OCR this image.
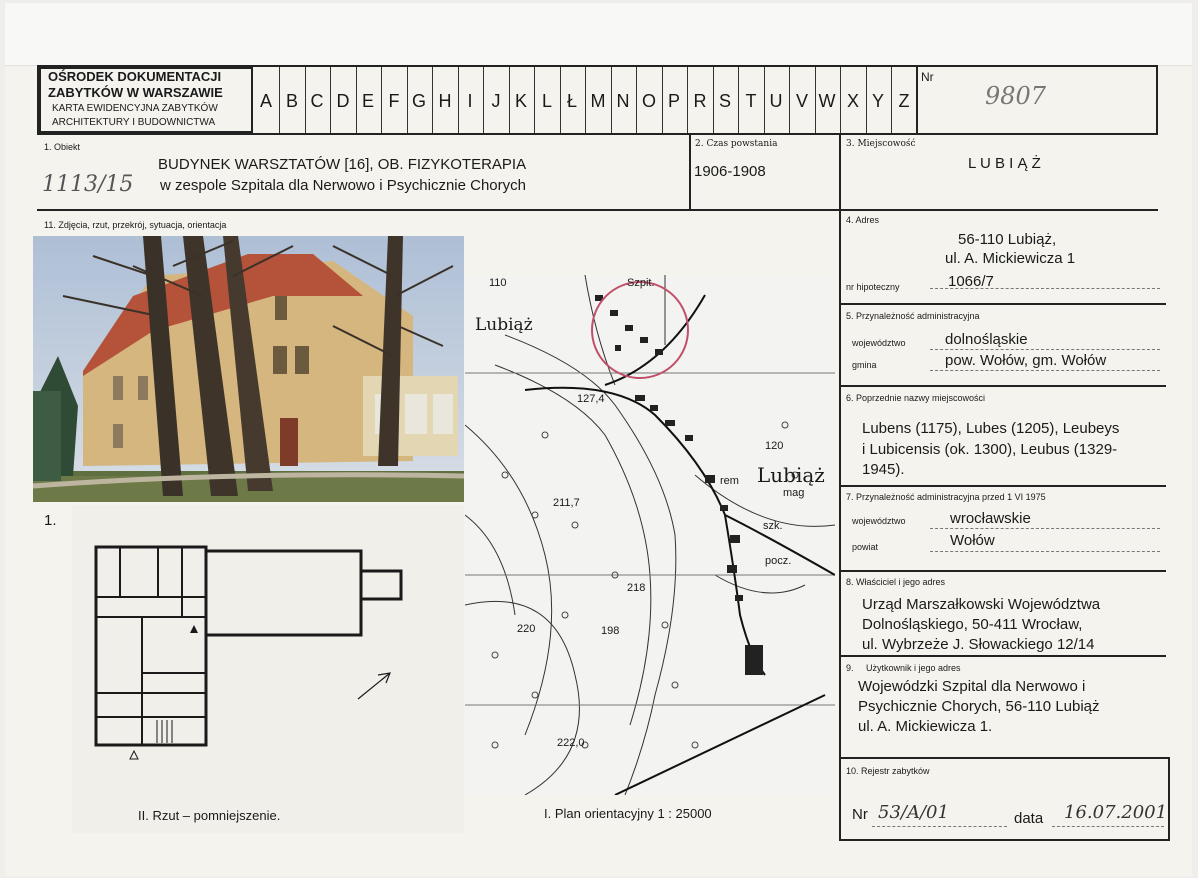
OŚRODEK DOKUMENTACJI
ZABYTKÓW W WARSZAWIE
KARTA EWIDENCYJNA ZABYTKÓW
ARCHITEKTURY I BUDOWNICTWA
A B C D E F G H I	J K L Ł M N O P R S T U V W X Y Z
Nr
9807
1. Obiekt
BUDYNEK WARSZTATÓW [16], OB. FIZYKOTERAPIA
w zespole Szpitala dla Nerwowo i Psychicznie Chorych
1113/15
2. Czas powstania
1906-1908
3. Miejscowość
L U B I Ą Ż
11. Zdjęcia, rzut, przekrój, sytuacja, orientacja
1.
Lubiąż
Lubiąż
Szpit.
110
120
127,4
211,7
218
220	198
222,0
rem
mag
szk.
pocz.
II. Rzut – pomniejszenie.	I. Plan orientacyjny 1 : 25000
4. Adres
56-110 Lubiąż,
ul. A. Mickiewicza 1
nr hipoteczny	1066/7
5. Przynależność administracyjna
województwo	dolnośląskie
gmina	pow. Wołów, gm. Wołów
6. Poprzednie nazwy miejscowości
Lubens (1175), Lubes (1205), Leubeys
i Lubicensis (ok. 1300), Leubus (1329-
1945).
7. Przynależność administracyjna przed 1 VI 1975
województwo	wrocławskie
powiat	Wołów
8. Właściciel i jego adres
Urząd Marszałkowski Województwa
Dolnośląskiego, 50-411 Wrocław,
ul. Wybrzeże J. Słowackiego 12/14
9. Użytkownik i jego adres
Wojewódzki Szpital dla Nerwowo i
Psychicznie Chorych, 56-110 Lubiąż
ul. A. Mickiewicza 1.
10. Rejestr zabytków
Nr 53/A/01	data 16.07.2001
